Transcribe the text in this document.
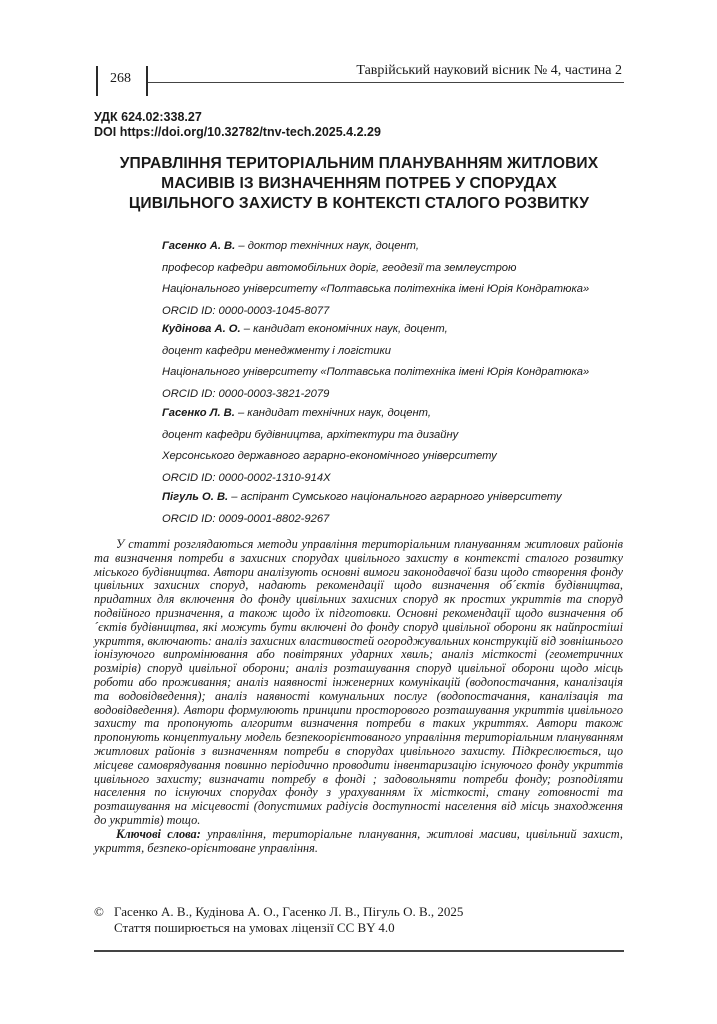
268
Таврійський науковий вісник № 4, частина 2
УДК 624.02:338.27
DOI https://doi.org/10.32782/tnv-tech.2025.4.2.29
УПРАВЛІННЯ ТЕРИТОРІАЛЬНИМ ПЛАНУВАННЯМ ЖИТЛОВИХ
МАСИВІВ ІЗ ВИЗНАЧЕННЯМ ПОТРЕБ У СПОРУДАХ
ЦИВІЛЬНОГО ЗАХИСТУ В КОНТЕКСТІ СТАЛОГО РОЗВИТКУ
Гасенко А. В. – доктор технічних наук, доцент,
професор кафедри автомобільних доріг, геодезії та землеустрою
Національного університету «Полтавська політехніка імені Юрія Кондратюка»
ORCID ID: 0000-0003-1045-8077
Кудінова А. О. – кандидат економічних наук, доцент,
доцент кафедри менеджменту і логістики
Національного університету «Полтавська політехніка імені Юрія Кондратюка»
ORCID ID: 0000-0003-3821-2079
Гасенко Л. В. – кандидат технічних наук, доцент,
доцент кафедри будівництва, архітектури та дизайну
Херсонського державного аграрно-економічного університету
ORCID ID: 0000-0002-1310-914X
Пігуль О. В. – аспірант Сумського національного аграрного університету
ORCID ID: 0009-0001-8802-9267

У статті розглядаються методи управління територіальним плануванням житлових районів та визначення потреби в захисних спорудах цивільного захисту в контексті сталого розвитку міського будівництва. Автори аналізують основні вимоги законодавчої бази щодо створення фонду цивільних захисних споруд, надають рекомендації щодо визначення об´єктів будівництва, придатних для включення до фонду цивільних захисних споруд як простих укриттів та споруд подвійного призначення, а також щодо їх підготовки. Основні рекомендації щодо визначення об´єктів будівництва, які можуть бути включені до фонду споруд цивільної оборони як найпростіші укриття, включають: аналіз захисних властивостей огороджувальних конструкцій від зовнішнього іонізуючого випромінювання або повітряних ударних хвиль; аналіз місткості (геометричних розмірів) споруд цивільної оборони; аналіз розташування споруд цивільної оборони щодо місць роботи або проживання; аналіз наявності інженерних комунікацій (водопостачання, каналізація та водовідведення); аналіз наявності комунальних послуг (водопостачання, каналізація та водовідведення). Автори формулюють принципи просторового розташування укриттів цивільного захисту та пропонують алгоритм визначення потреби в таких укриттях. Автори також пропонують концептуальну модель безпекоорієнтованого управління територіальним плануванням житлових районів з визначенням потреби в спорудах цивільного захисту. Підкреслюється, що місцеве самоврядування повинно періодично проводити інвентаризацію існуючого фонду укриттів цивільного захисту; визначати потребу в фонді ; задовольняти потреби фонду; розподіляти населення по існуючих спорудах фонду з урахуванням їх місткості, стану готовності та розташування на місцевості (допустимих радіусів доступності населення від місць знаходження до укриттів) тощо.

Ключові слова: управління, територіальне планування, житлові масиви, цивільний захист, укриття, безпеко-орієнтоване управління.

© Гасенко А. В., Кудінова А. О., Гасенко Л. В., Пігуль О. В., 2025
Стаття поширюється на умовах ліцензії CC BY 4.0
